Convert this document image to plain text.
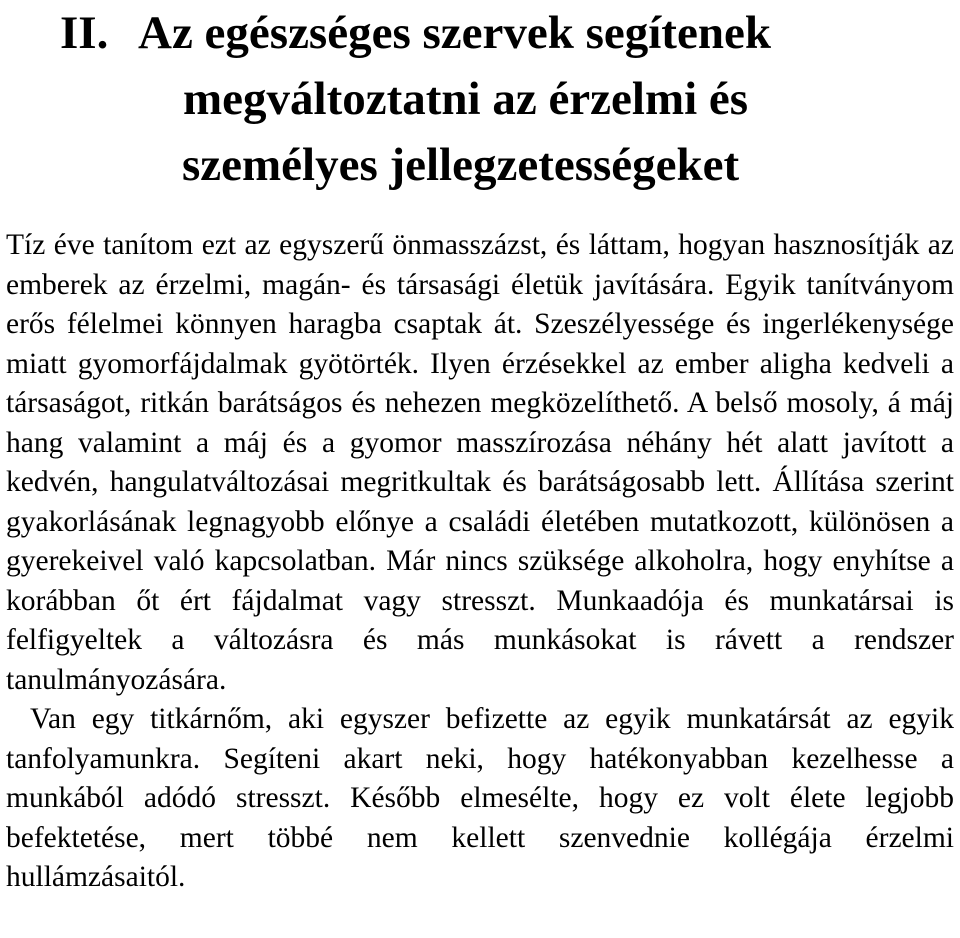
II. Az egészséges szervek segítenek
megváltoztatni az érzelmi és
személyes jellegzetességeket

Tíz éve tanítom ezt az egyszerű önmasszázst, és láttam, hogyan hasznosítják az emberek az érzelmi, magán- és társasági életük javítására. Egyik tanítványom erős félelmei könnyen haragba csaptak át. Szeszélyessége és ingerlékenysége miatt gyomorfájdalmak gyötörték. Ilyen érzésekkel az ember aligha kedveli a társaságot, ritkán barátságos és nehezen megközelíthető. A belső mosoly, á máj hang valamint a máj és a gyomor masszírozása néhány hét alatt javított a kedvén, hangulatváltozásai megritkultak és barátságosabb lett. Állítása szerint gyakorlásának legnagyobb előnye a családi életében mutatkozott, különösen a gyerekeivel való kapcsolatban. Már nincs szüksége alkoholra, hogy enyhítse a korábban őt ért fájdalmat vagy stresszt. Munkaadója és munkatársai is felfigyeltek a változásra és más munkásokat is rávett a rendszer tanulmányozására.

Van egy titkárnőm, aki egyszer befizette az egyik munkatársát az egyik tanfolyamunkra. Segíteni akart neki, hogy hatékonyabban kezelhesse a munkából adódó stresszt. Később elmesélte, hogy ez volt élete legjobb befektetése, mert többé nem kellett szenvednie kollégája érzelmi hullámzásaitól.
